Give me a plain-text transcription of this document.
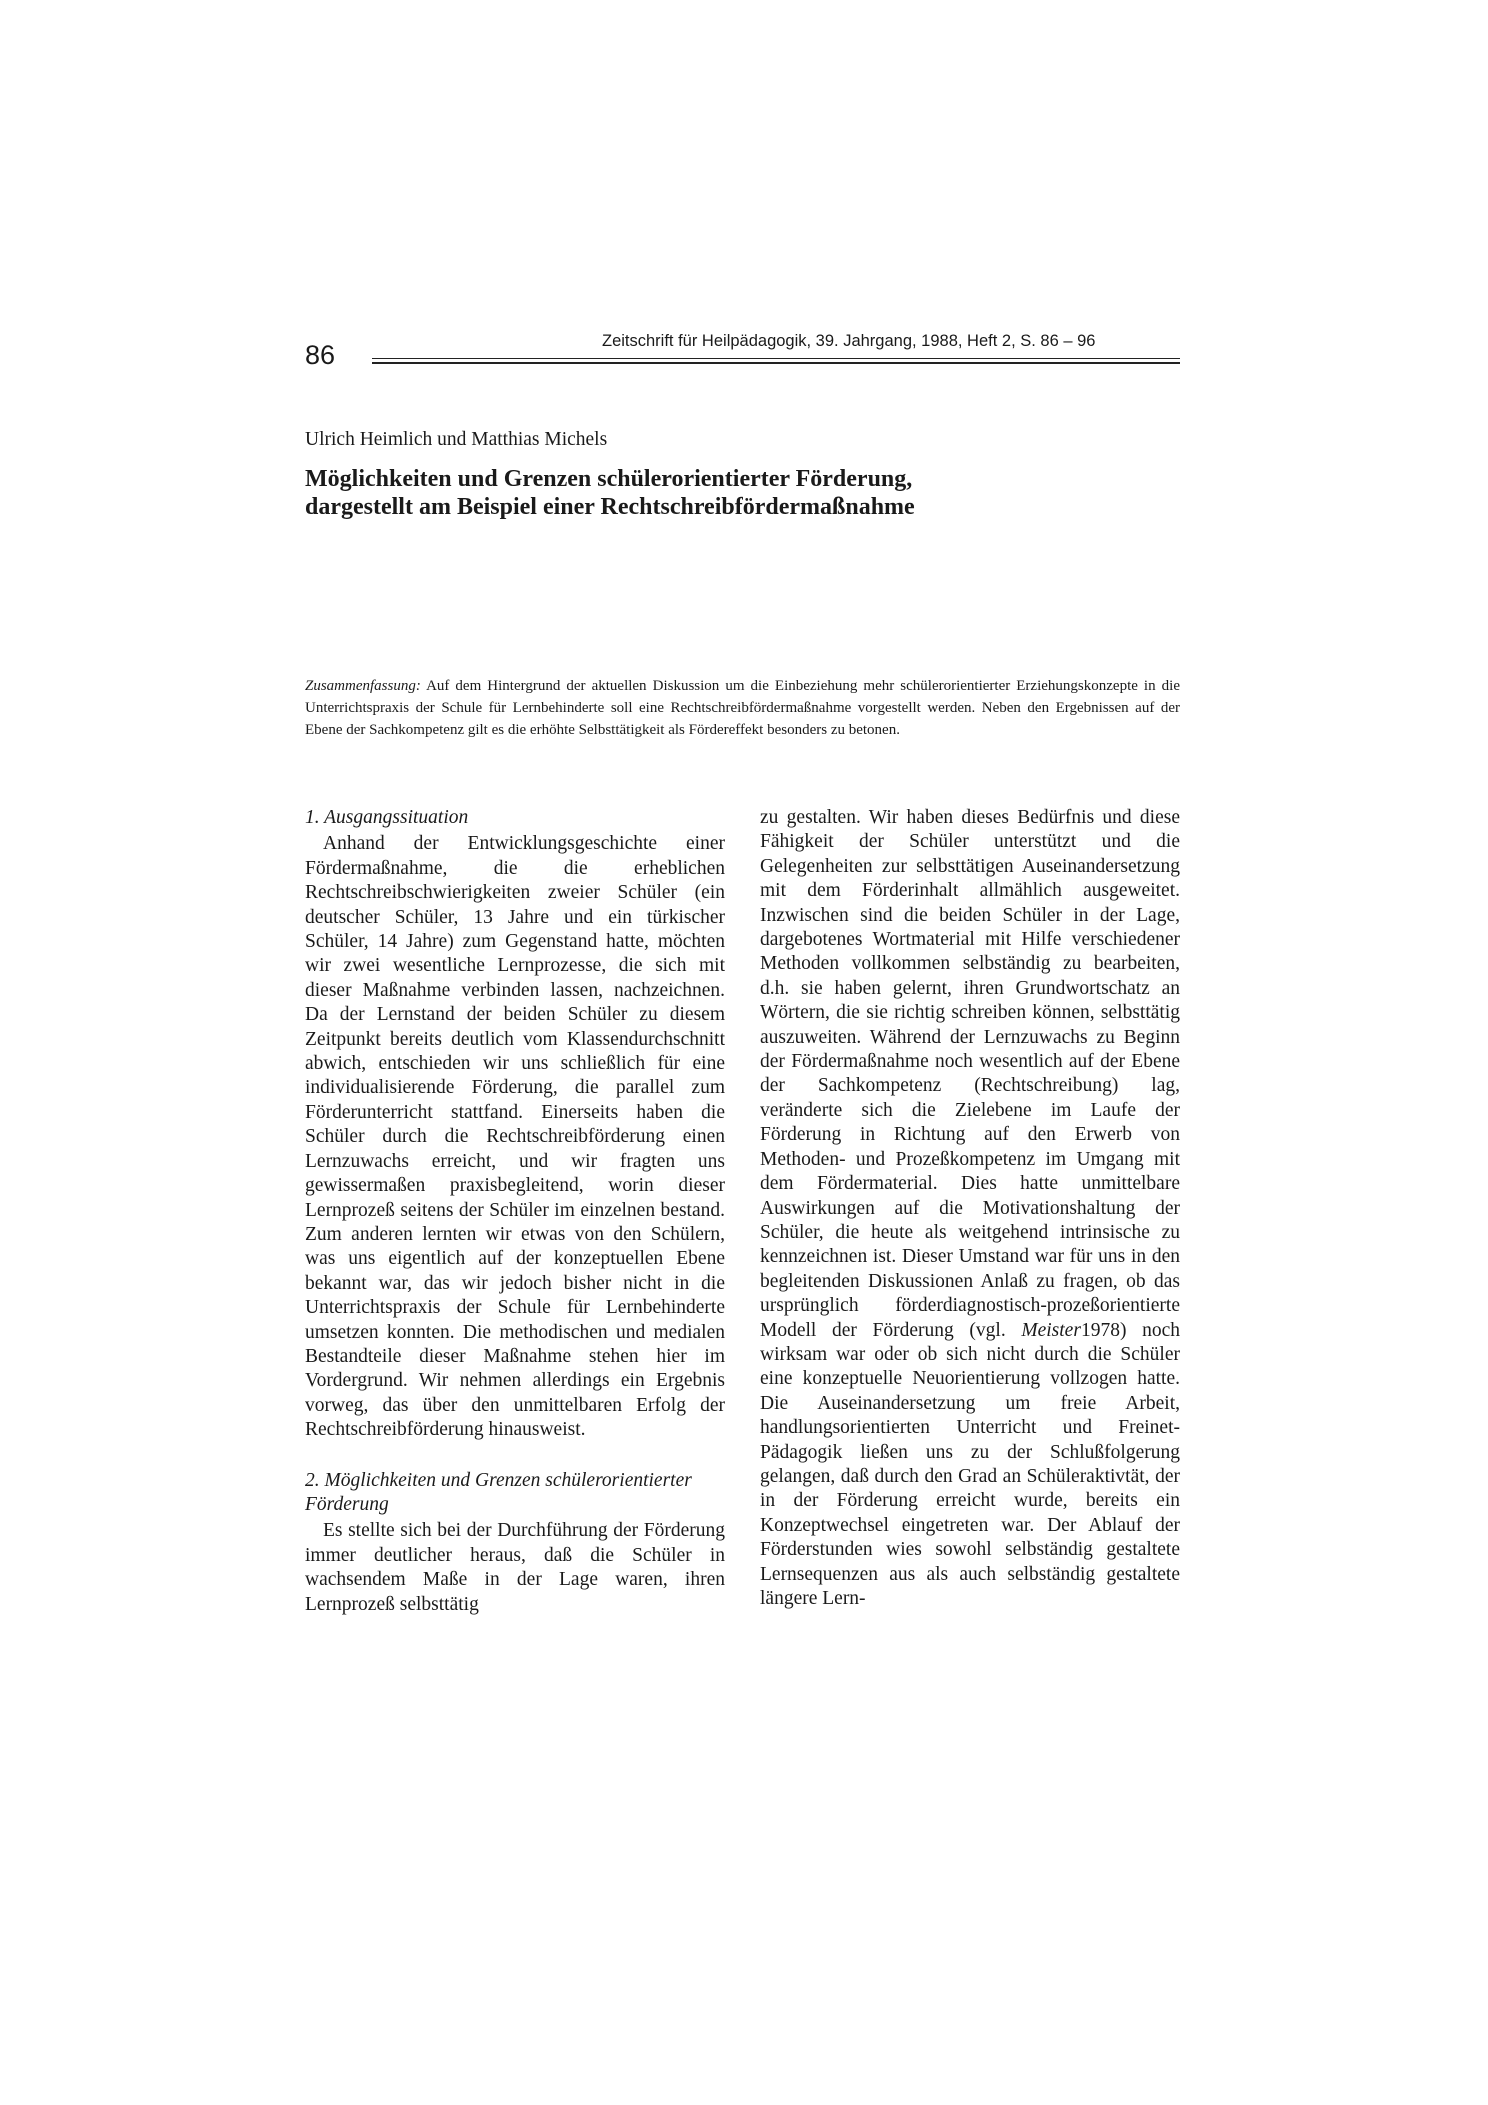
86	Zeitschrift für Heilpädagogik, 39. Jahrgang, 1988, Heft 2, S. 86 – 96
Ulrich Heimlich und Matthias Michels
Möglichkeiten und Grenzen schülerorientierter Förderung,
dargestellt am Beispiel einer Rechtschreibfördermaßnahme

Zusammenfassung: Auf dem Hintergrund der aktuellen Diskussion um die Einbeziehung mehr schülerorientierter Erziehungskonzepte in die Unterrichtspraxis der Schule für Lernbehinderte soll eine Rechtschreibfördermaßnahme vorgestellt werden. Neben den Ergebnissen auf der Ebene der Sachkompetenz gilt es die erhöhte Selbsttätigkeit als Fördereffekt besonders zu betonen.

1. Ausgangssituation

Anhand der Entwicklungsgeschichte einer Fördermaßnahme, die die erheblichen Rechtschreibschwierigkeiten zweier Schüler (ein deutscher Schüler, 13 Jahre und ein türkischer Schüler, 14 Jahre) zum Gegenstand hatte, möchten wir zwei wesentliche Lernprozesse, die sich mit dieser Maßnahme verbinden lassen, nachzeichnen. Da der Lernstand der beiden Schüler zu diesem Zeitpunkt bereits deutlich vom Klassendurchschnitt abwich, entschieden wir uns schließlich für eine individualisierende Förderung, die parallel zum Förderunterricht stattfand. Einerseits haben die Schüler durch die Rechtschreibförderung einen Lernzuwachs erreicht, und wir fragten uns gewissermaßen praxisbegleitend, worin dieser Lernprozeß seitens der Schüler im einzelnen bestand. Zum anderen lernten wir etwas von den Schülern, was uns eigentlich auf der konzeptuellen Ebene bekannt war, das wir jedoch bisher nicht in die Unterrichtspraxis der Schule für Lernbehinderte umsetzen konnten. Die methodischen und medialen Bestandteile dieser Maßnahme stehen hier im Vordergrund. Wir nehmen allerdings ein Ergebnis vorweg, das über den unmittelbaren Erfolg der Rechtschreibförderung hinausweist.

2. Möglichkeiten und Grenzen schülerorientierter Förderung

Es stellte sich bei der Durchführung der Förderung immer deutlicher heraus, daß die Schüler in wachsendem Maße in der Lage waren, ihren Lernprozeß selbsttätig

zu gestalten. Wir haben dieses Bedürfnis und diese Fähigkeit der Schüler unterstützt und die Gelegenheiten zur selbsttätigen Auseinandersetzung mit dem Förderinhalt allmählich ausgeweitet. Inzwischen sind die beiden Schüler in der Lage, dargebotenes Wortmaterial mit Hilfe verschiedener Methoden vollkommen selbständig zu bearbeiten, d.h. sie haben gelernt, ihren Grundwortschatz an Wörtern, die sie richtig schreiben können, selbsttätig auszuweiten. Während der Lernzuwachs zu Beginn der Fördermaßnahme noch wesentlich auf der Ebene der Sachkompetenz (Rechtschreibung) lag, veränderte sich die Zielebene im Laufe der Förderung in Richtung auf den Erwerb von Methoden- und Prozeßkompetenz im Umgang mit dem Fördermaterial. Dies hatte unmittelbare Auswirkungen auf die Motivationshaltung der Schüler, die heute als weitgehend intrinsische zu kennzeichnen ist. Dieser Umstand war für uns in den begleitenden Diskussionen Anlaß zu fragen, ob das ursprünglich förderdiagnostisch-prozeßorientierte Modell der Förderung (vgl. Meister1978) noch wirksam war oder ob sich nicht durch die Schüler eine konzeptuelle Neuorientierung vollzogen hatte. Die Auseinandersetzung um freie Arbeit, handlungsorientierten Unterricht und Freinet-Pädagogik ließen uns zu der Schlußfolgerung gelangen, daß durch den Grad an Schüleraktivtät, der in der Förderung erreicht wurde, bereits ein Konzeptwechsel eingetreten war. Der Ablauf der Förderstunden wies sowohl selbständig gestaltete Lernsequenzen aus als auch selbständig gestaltete längere Lern-
